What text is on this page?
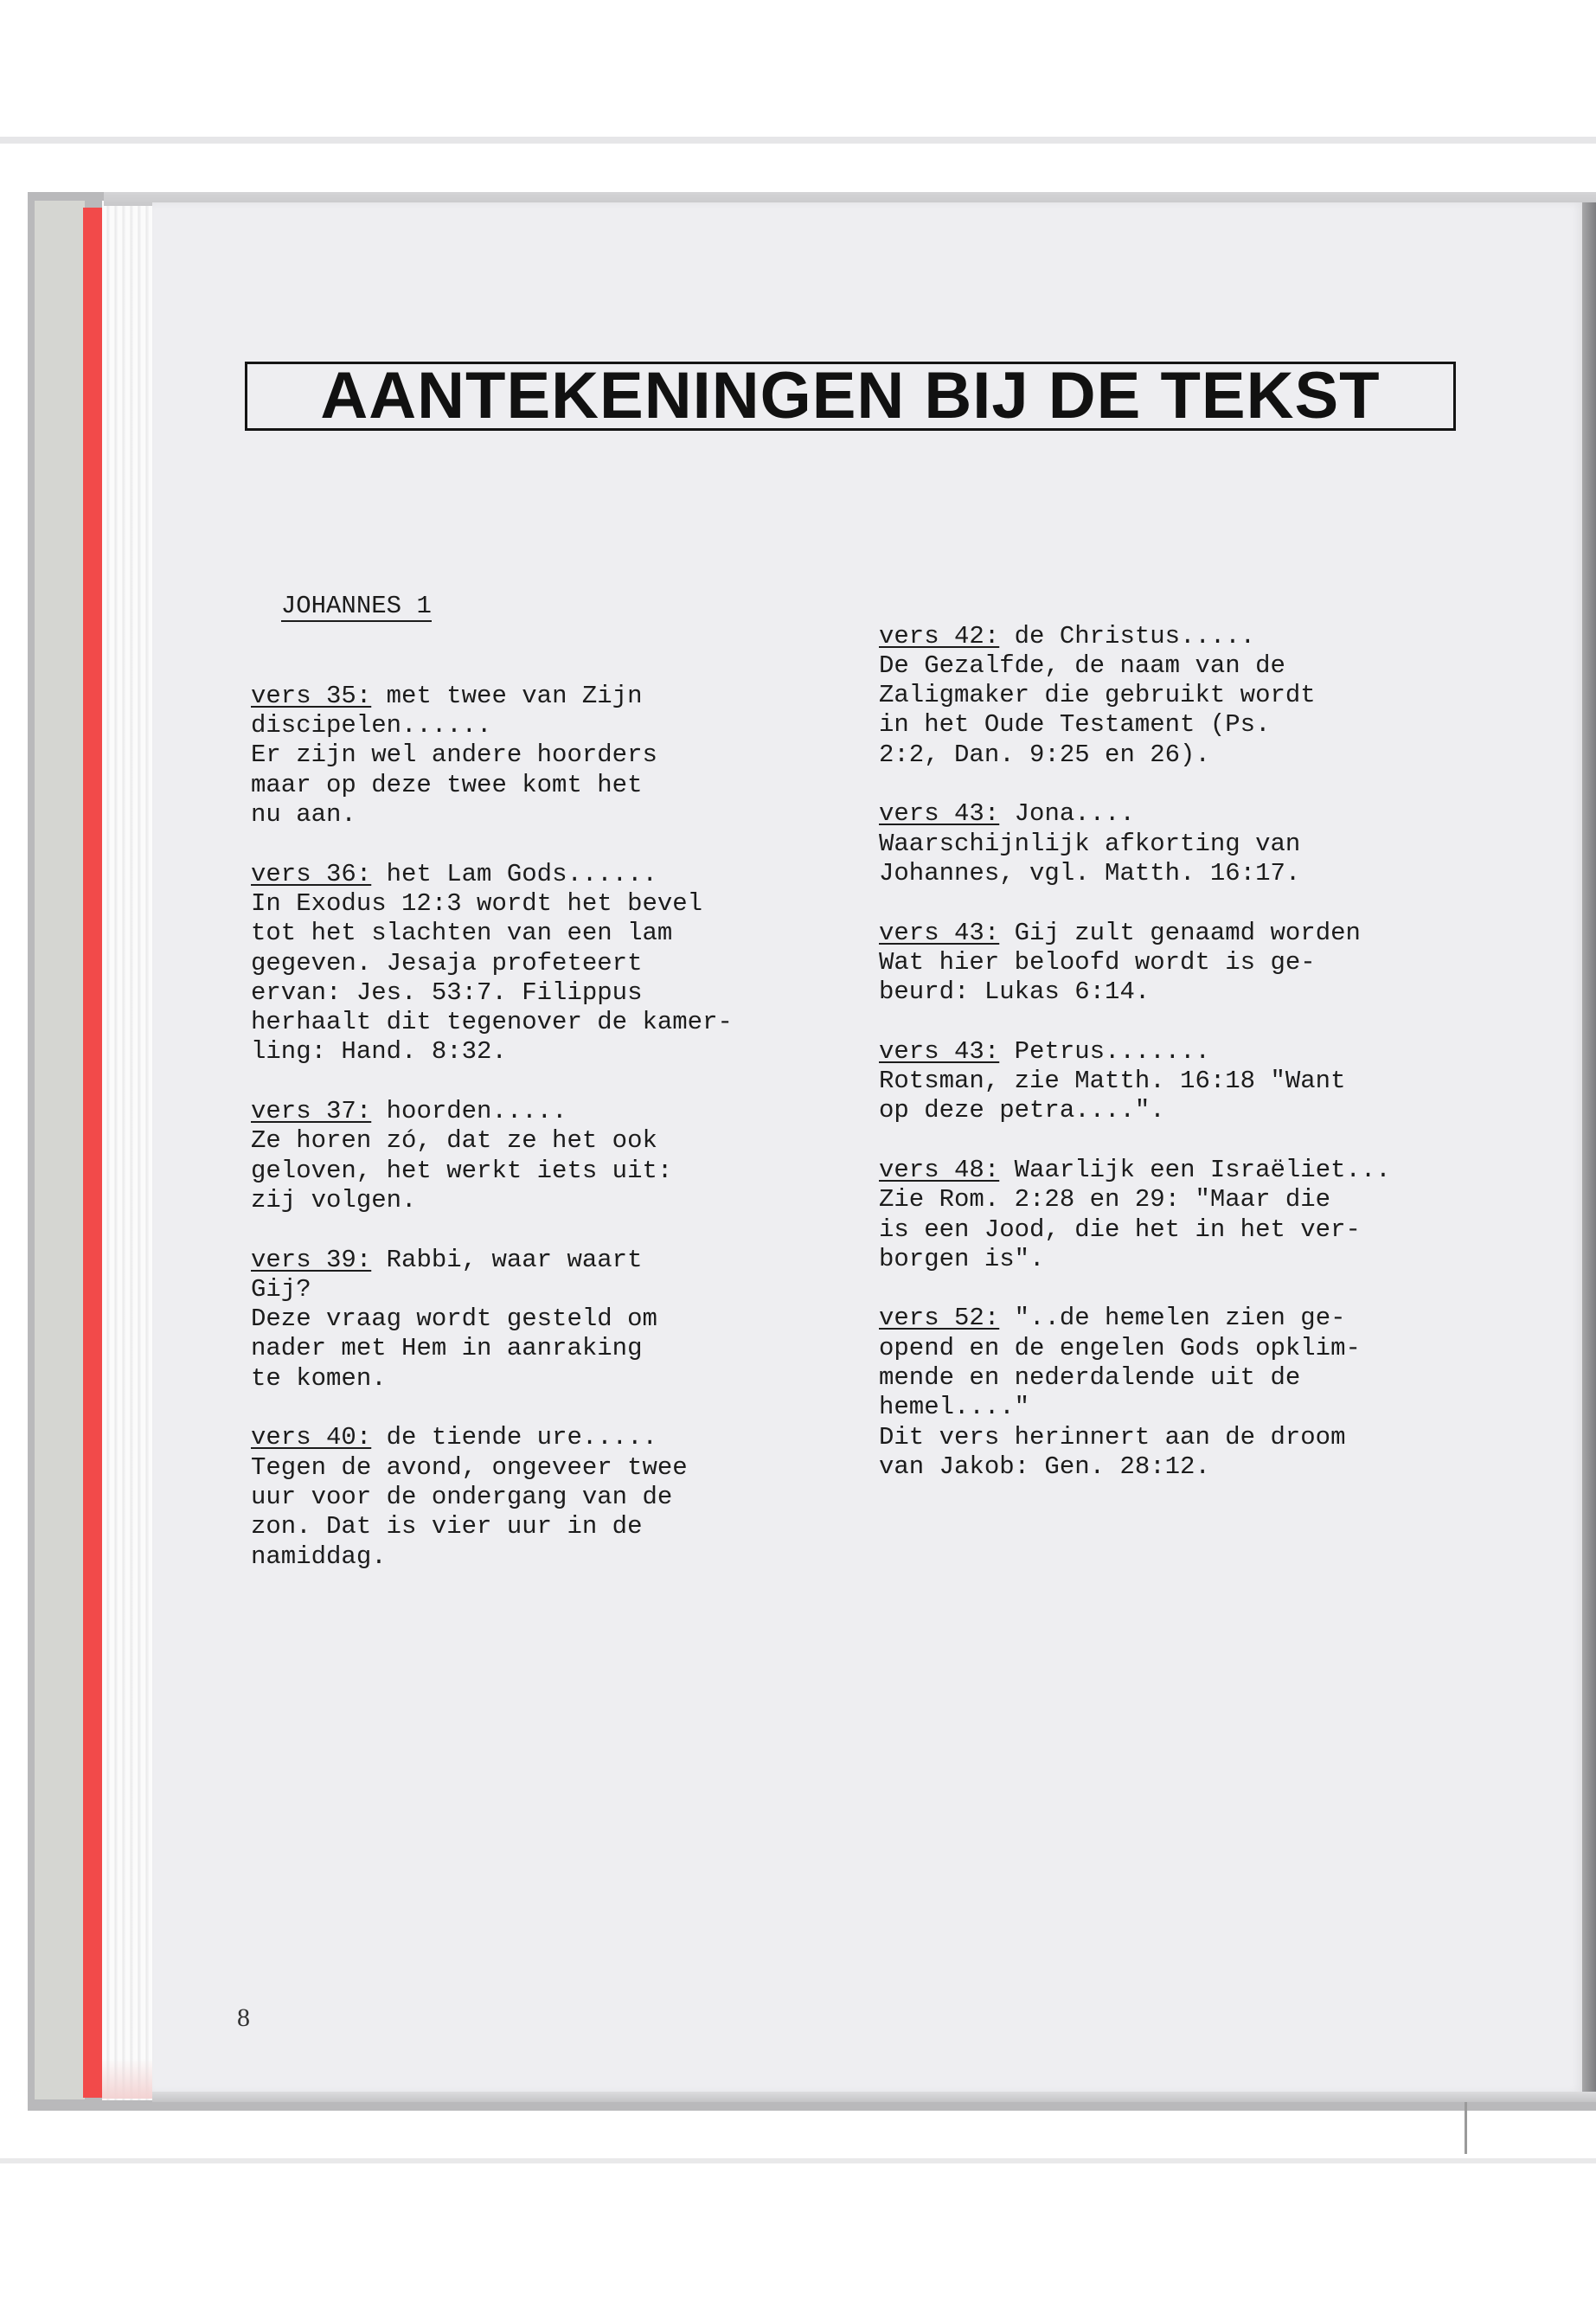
AANTEKENINGEN BIJ DE TEKST

JOHANNES 1

vers 35: met twee van Zijn
discipelen......
Er zijn wel andere hoorders
maar op deze twee komt het
nu aan.
vers 36: het Lam Gods......
In Exodus 12:3 wordt het bevel
tot het slachten van een lam
gegeven. Jesaja profeteert
ervan: Jes. 53:7. Filippus
herhaalt dit tegenover de kamer-
ling: Hand. 8:32.
vers 37: hoorden.....
Ze horen zó, dat ze het ook
geloven, het werkt iets uit:
zij volgen.
vers 39: Rabbi, waar waart
Gij?
Deze vraag wordt gesteld om
nader met Hem in aanraking
te komen.
vers 40: de tiende ure.....
Tegen de avond, ongeveer twee
uur voor de ondergang van de
zon. Dat is vier uur in de
namiddag.

vers 42: de Christus.....
De Gezalfde, de naam van de
Zaligmaker die gebruikt wordt
in het Oude Testament (Ps.
2:2, Dan. 9:25 en 26).
vers 43: Jona....
Waarschijnlijk afkorting van
Johannes, vgl. Matth. 16:17.
vers 43: Gij zult genaamd worden
Wat hier beloofd wordt is ge-
beurd: Lukas 6:14.
vers 43: Petrus.......
Rotsman, zie Matth. 16:18 "Want
op deze petra....".
vers 48: Waarlijk een Israëliet...
Zie Rom. 2:28 en 29: "Maar die
is een Jood, die het in het ver-
borgen is".
vers 52: "..de hemelen zien ge-
opend en de engelen Gods opklim-
mende en nederdalende uit de
hemel...."
Dit vers herinnert aan de droom
van Jakob: Gen. 28:12.

8
